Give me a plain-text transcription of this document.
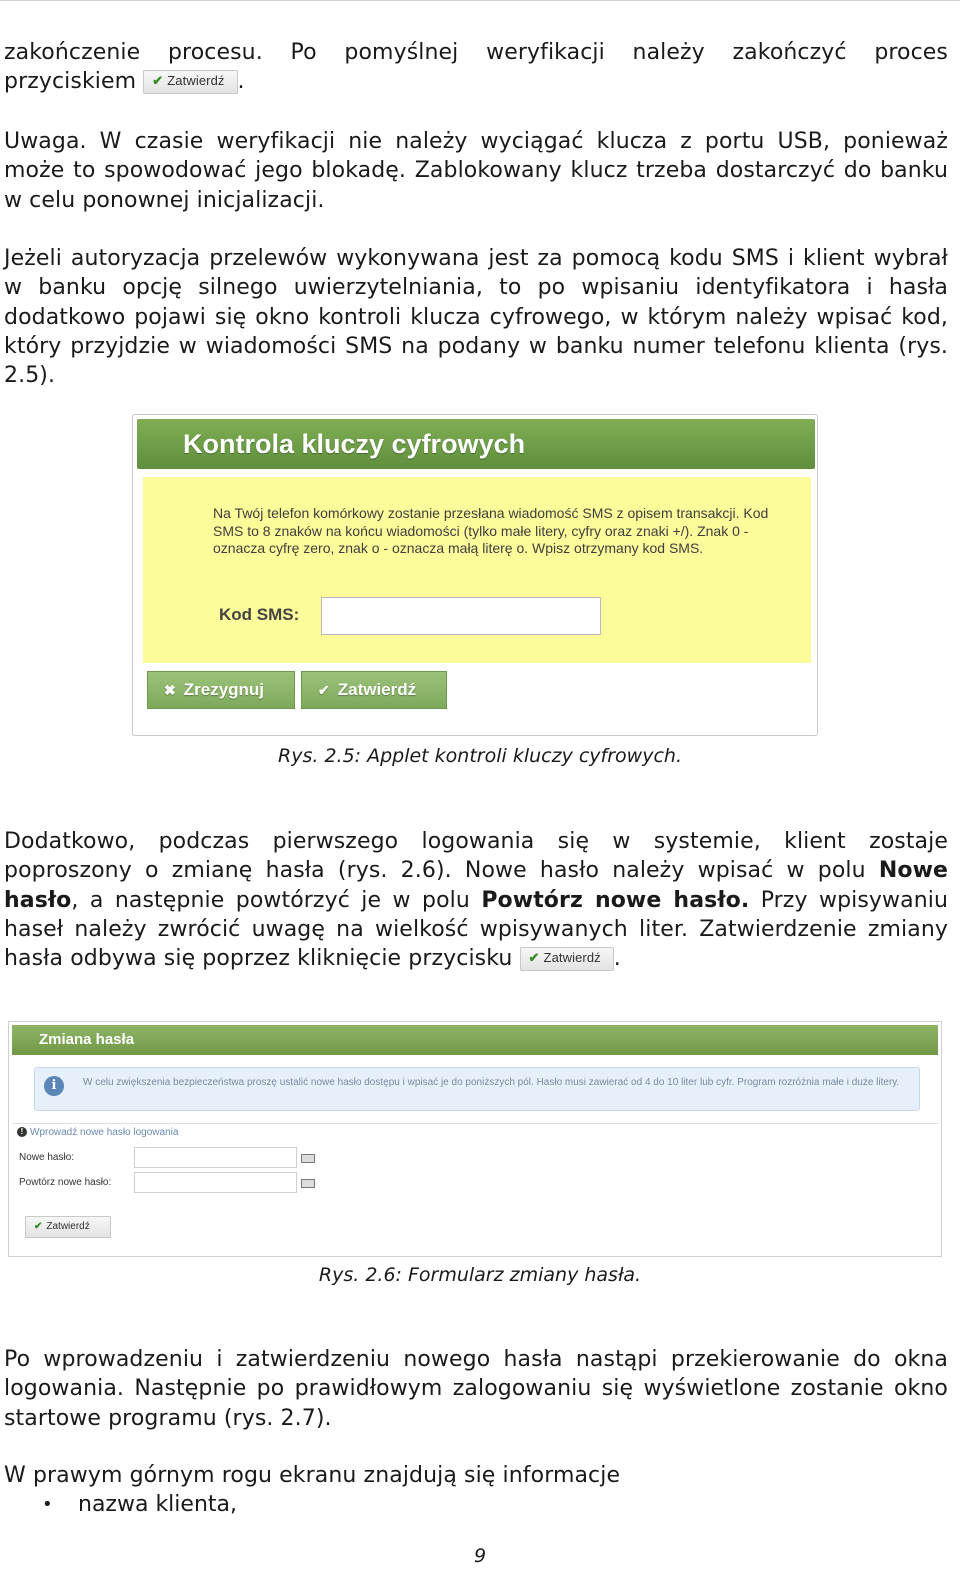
zakończenie procesu. Po pomyślnej weryfikacji należy zakończyć proces
przyciskiem ✔ Zatwierdź .
Uwaga. W czasie weryfikacji nie należy wyciągać klucza z portu USB, ponieważ
może to spowodować jego blokadę. Zablokowany klucz trzeba dostarczyć do banku
w celu ponownej inicjalizacji.
Jeżeli autoryzacja przelewów wykonywana jest za pomocą kodu SMS i klient wybrał
w banku opcję silnego uwierzytelniania, to po wpisaniu identyfikatora i hasła
dodatkowo pojawi się okno kontroli klucza cyfrowego, w którym należy wpisać kod,
który przyjdzie w wiadomości SMS na podany w banku numer telefonu klienta (rys.
2.5).
Kontrola kluczy cyfrowych
Na Twój telefon komórkowy zostanie przesłana wiadomość SMS z opisem transakcji. Kod SMS to 8 znaków na końcu wiadomości (tylko małe litery, cyfry oraz znaki +/). Znak 0 - oznacza cyfrę zero, znak o - oznacza małą literę o. Wpisz otrzymany kod SMS.
Kod SMS:
✖ Zrezygnuj	✔ Zatwierdź
Rys. 2.5: Applet kontroli kluczy cyfrowych.
Dodatkowo, podczas pierwszego logowania się w systemie, klient zostaje
poproszony o zmianę hasła (rys. 2.6). Nowe hasło należy wpisać w polu Nowe
hasło, a następnie powtórzyć je w polu Powtórz nowe hasło. Przy wpisywaniu
haseł należy zwrócić uwagę na wielkość wpisywanych liter. Zatwierdzenie zmiany
hasła odbywa się poprzez kliknięcie przycisku ✔ Zatwierdź .
Zmiana hasła
i	W celu zwiększenia bezpieczeństwa proszę ustalić nowe hasło dostępu i wpisać je do poniższych pól. Hasło musi zawierać od 4 do 10 liter lub cyfr. Program rozróżnia małe i duże litery.
! Wprowadź nowe hasło logowania
Nowe hasło:
Powtórz nowe hasło:
✔ Zatwierdź
Rys. 2.6: Formularz zmiany hasła.
Po wprowadzeniu i zatwierdzeniu nowego hasła nastąpi przekierowanie do okna
logowania. Następnie po prawidłowym zalogowaniu się wyświetlone zostanie okno
startowe programu (rys. 2.7).
W prawym górnym rogu ekranu znajdują się informacje
• nazwa klienta,
9
